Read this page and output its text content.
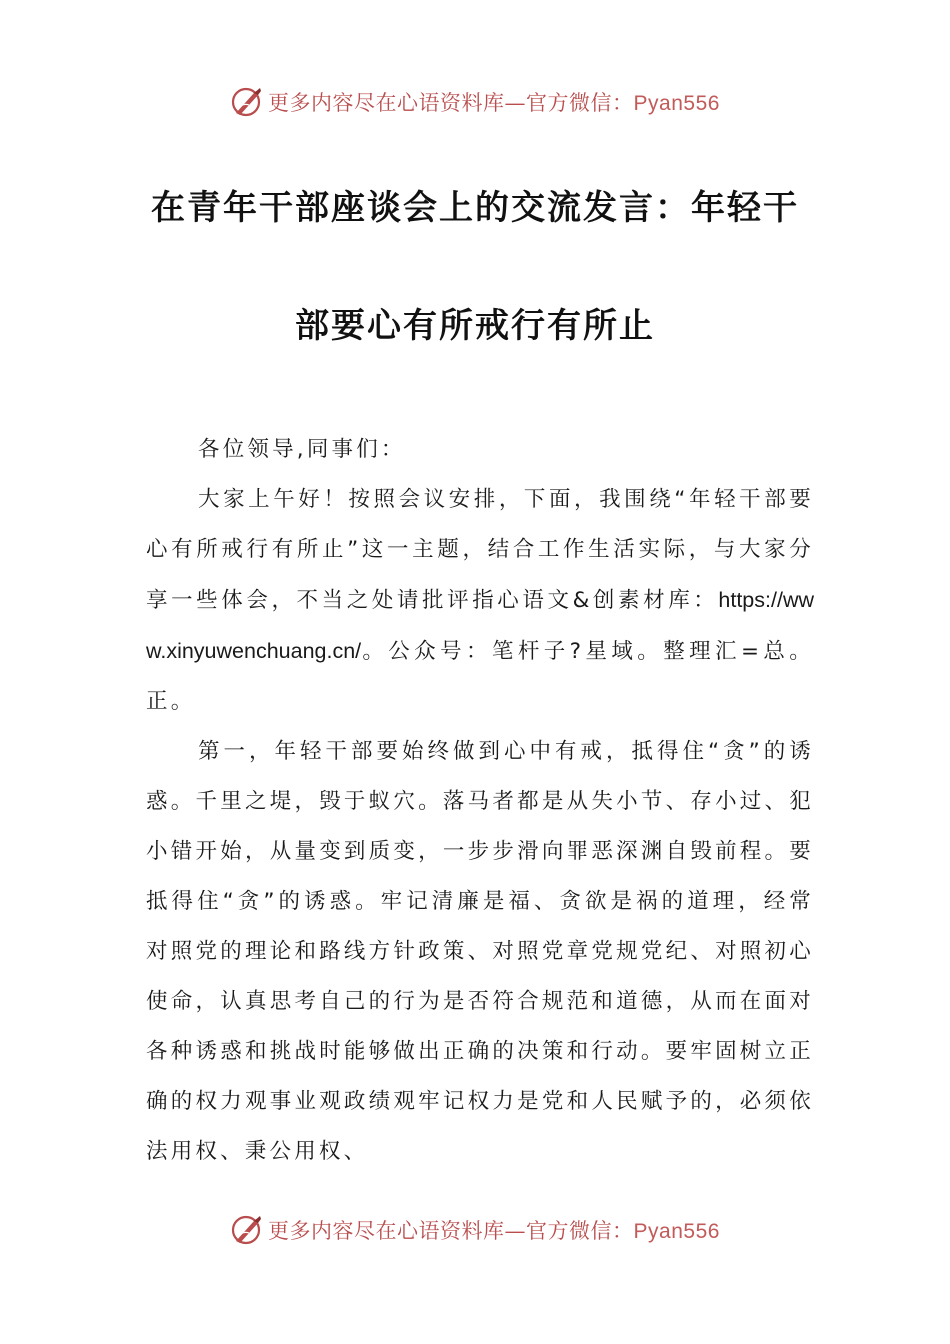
更多内容尽在心语资料库—官方微信：Pyan556
在青年干部座谈会上的交流发言：年轻干
部要心有所戒行有所止

各位领导,同事们：

大家上午好！按照会议安排，下面，我围绕“年轻干部要心有所戒行有所止”这一主题，结合工作生活实际，与大家分享一些体会，不当之处请批评指心语文&创素材库：https://www.xinyuwenchuang.cn/。公众号：笔杆子?星域。整理汇=总。正。

第一，年轻干部要始终做到心中有戒，抵得住“贪”的诱惑。千里之堤，毁于蚁穴。落马者都是从失小节、存小过、犯小错开始，从量变到质变，一步步滑向罪恶深渊自毁前程。要抵得住“贪”的诱惑。牢记清廉是福、贪欲是祸的道理，经常对照党的理论和路线方针政策、对照党章党规党纪、对照初心使命，认真思考自己的行为是否符合规范和道德，从而在面对各种诱惑和挑战时能够做出正确的决策和行动。要牢固树立正确的权力观事业观政绩观牢记权力是党和人民赋予的，必须依法用权、秉公用权、

更多内容尽在心语资料库—官方微信：Pyan556
